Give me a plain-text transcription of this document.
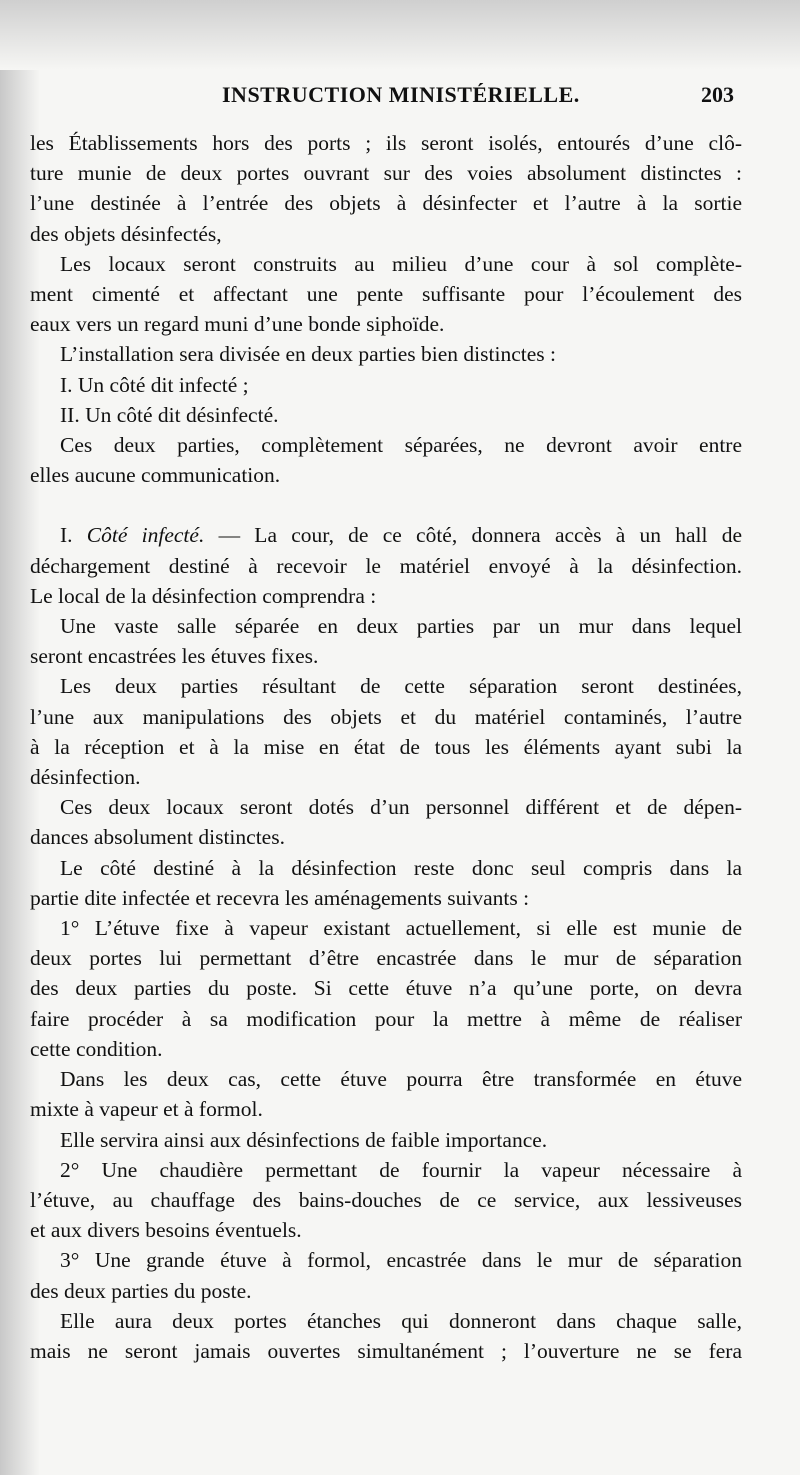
INSTRUCTION MINISTÉRIELLE.	203

les Établissements hors des ports ; ils seront isolés, entourés d’une clô-
ture munie de deux portes ouvrant sur des voies absolument distinctes :
l’une destinée à l’entrée des objets à désinfecter et l’autre à la sortie
des objets désinfectés,

Les locaux seront construits au milieu d’une cour à sol complète-
ment cimenté et affectant une pente suffisante pour l’écoulement des
eaux vers un regard muni d’une bonde siphoïde.

L’installation sera divisée en deux parties bien distinctes :

I. Un côté dit infecté ;

II. Un côté dit désinfecté.

Ces deux parties, complètement séparées, ne devront avoir entre
elles aucune communication.

I. Côté infecté. — La cour, de ce côté, donnera accès à un hall de
déchargement destiné à recevoir le matériel envoyé à la désinfection.
Le local de la désinfection comprendra :

Une vaste salle séparée en deux parties par un mur dans lequel
seront encastrées les étuves fixes.

Les deux parties résultant de cette séparation seront destinées,
l’une aux manipulations des objets et du matériel contaminés, l’autre
à la réception et à la mise en état de tous les éléments ayant subi la
désinfection.

Ces deux locaux seront dotés d’un personnel différent et de dépen-
dances absolument distinctes.

Le côté destiné à la désinfection reste donc seul compris dans la
partie dite infectée et recevra les aménagements suivants :

1° L’étuve fixe à vapeur existant actuellement, si elle est munie de
deux portes lui permettant d’être encastrée dans le mur de séparation
des deux parties du poste. Si cette étuve n’a qu’une porte, on devra
faire procéder à sa modification pour la mettre à même de réaliser
cette condition.

Dans les deux cas, cette étuve pourra être transformée en étuve
mixte à vapeur et à formol.

Elle servira ainsi aux désinfections de faible importance.

2° Une chaudière permettant de fournir la vapeur nécessaire à
l’étuve, au chauffage des bains-douches de ce service, aux lessiveuses
et aux divers besoins éventuels.

3° Une grande étuve à formol, encastrée dans le mur de séparation
des deux parties du poste.

Elle aura deux portes étanches qui donneront dans chaque salle,
mais ne seront jamais ouvertes simultanément ; l’ouverture ne se fera
